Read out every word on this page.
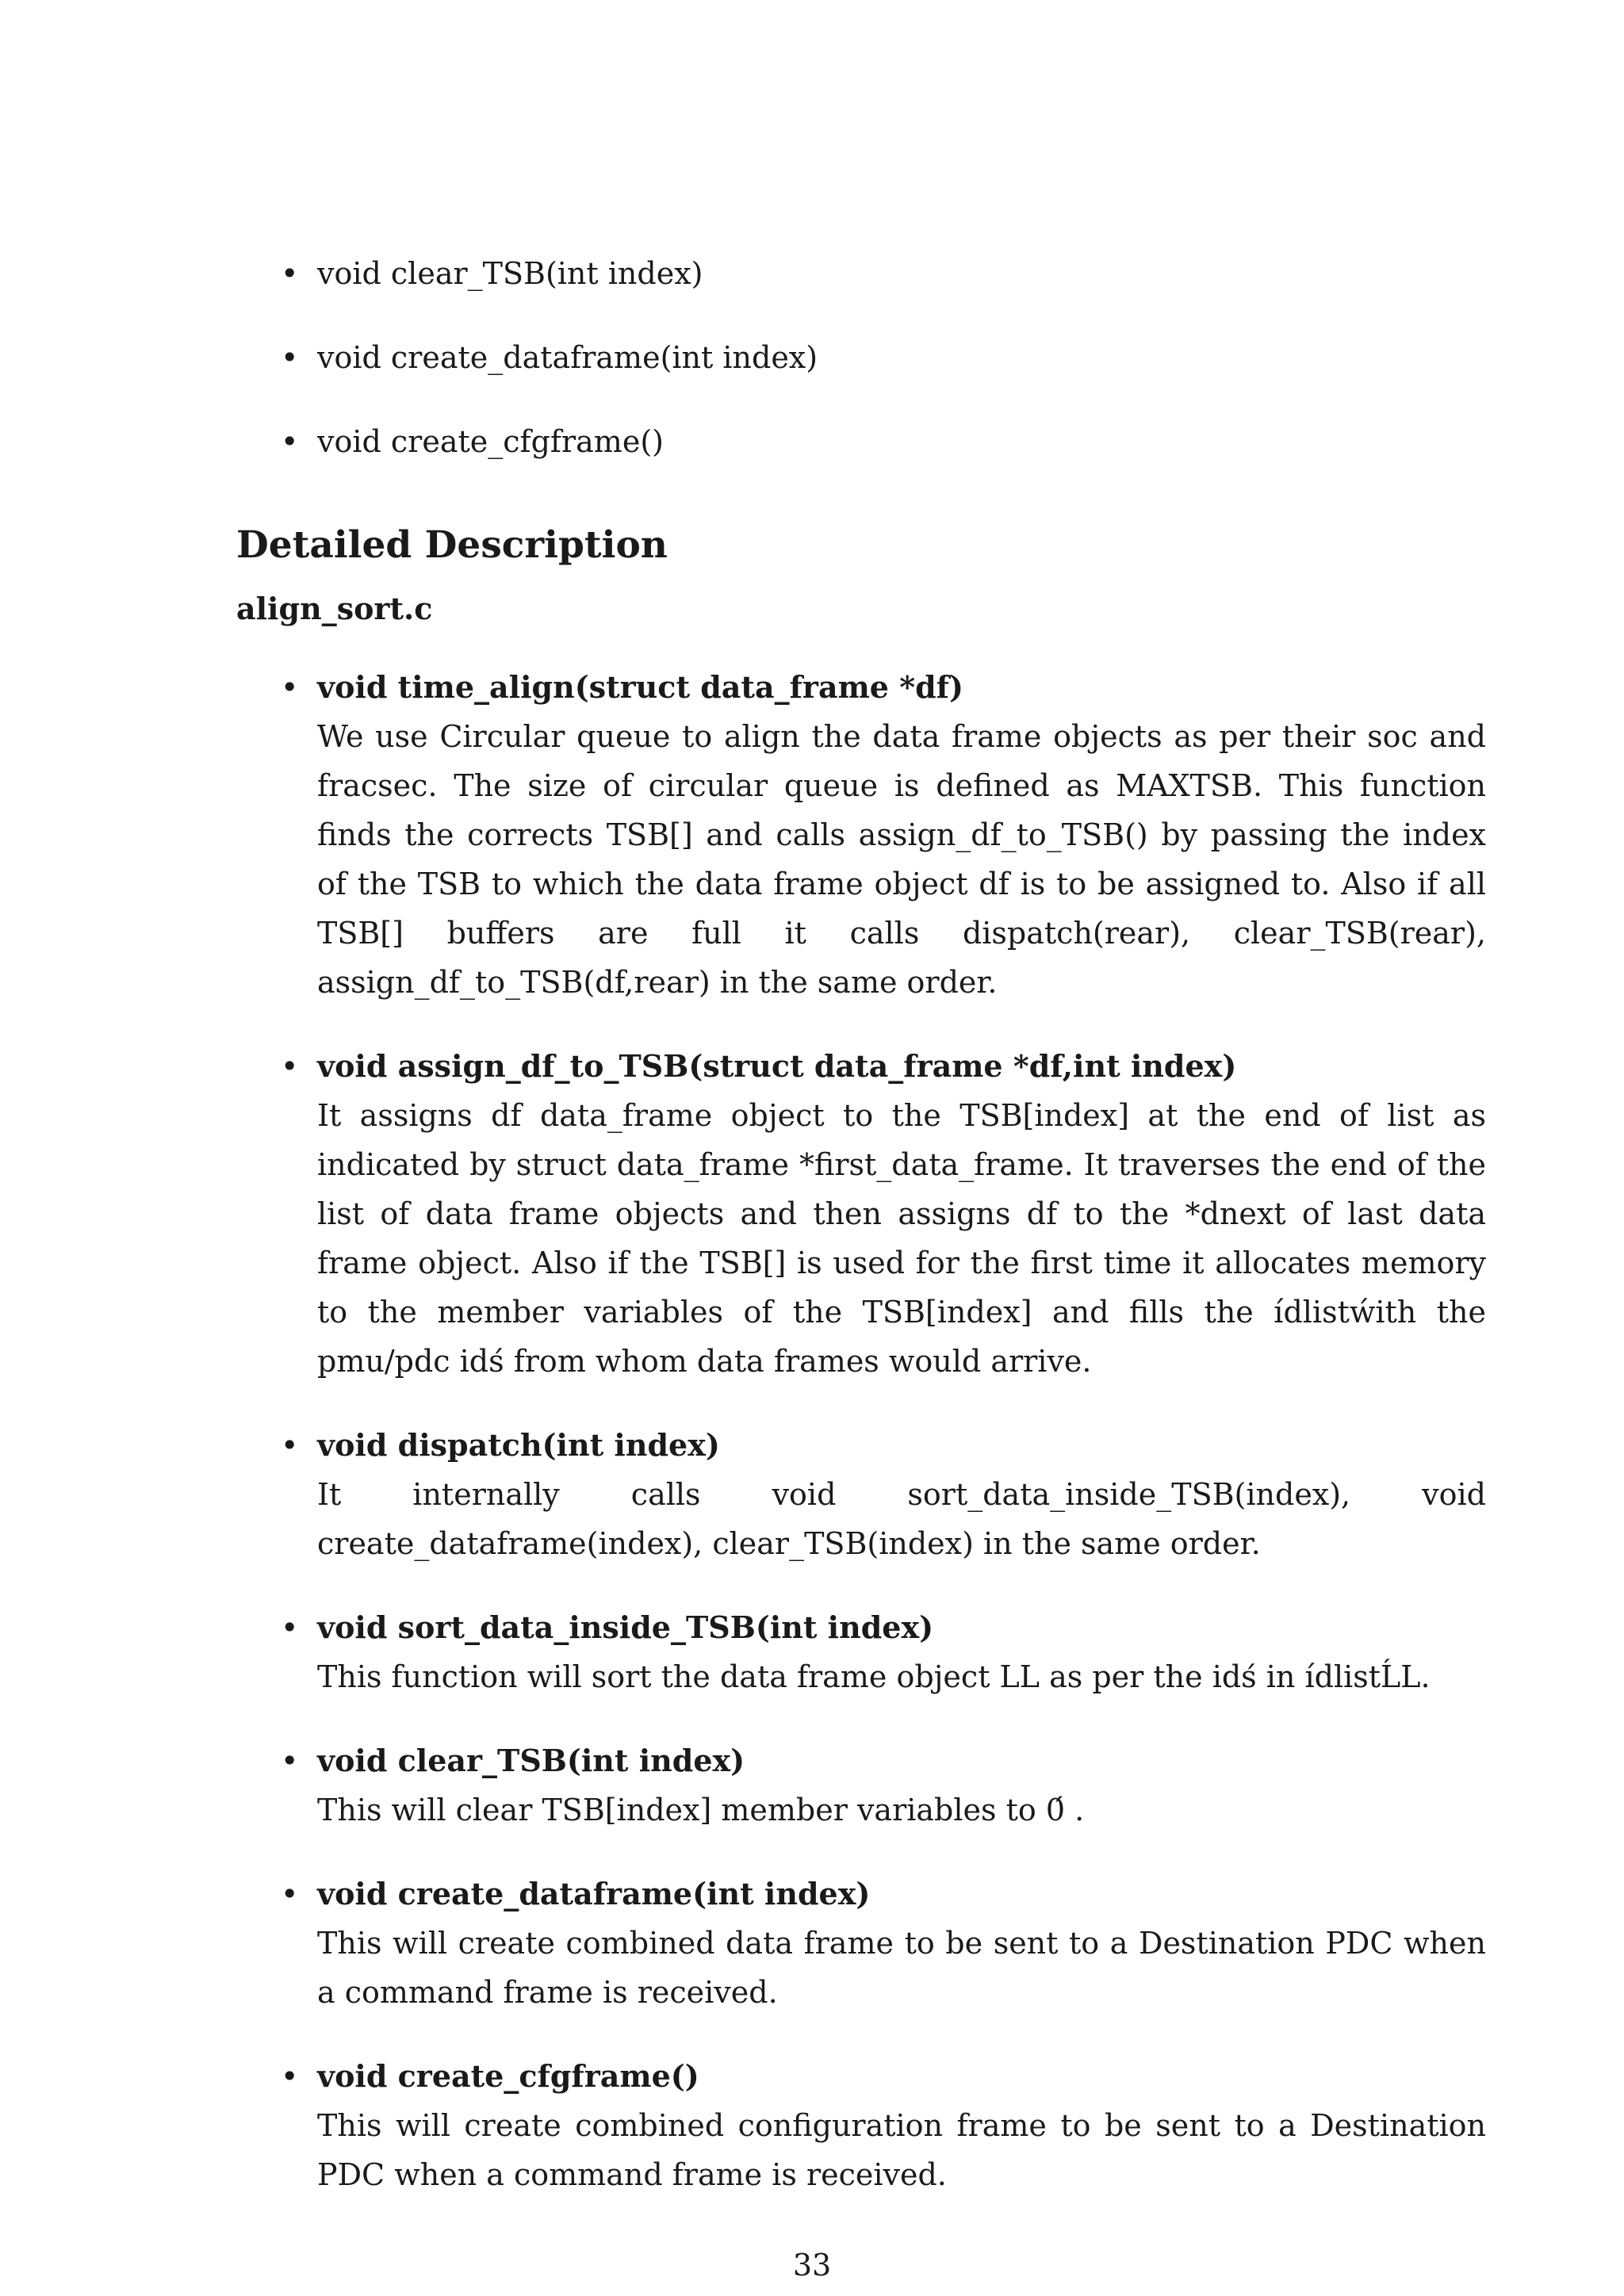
• void clear_TSB(int index)
• void create_dataframe(int index)
• void create_cfgframe()
Detailed Description
align_sort.c
• void time_align(struct data_frame *df)
We use Circular queue to align the data frame objects as per their soc and fracsec. The size of circular queue is defined as MAXTSB. This function finds the corrects TSB[] and calls assign_df_to_TSB() by passing the index of the TSB to which the data frame object df is to be assigned to. Also if all TSB[] buffers are full it calls dispatch(rear), clear_TSB(rear), assign_df_to_TSB(df,rear) in the same order.
• void assign_df_to_TSB(struct data_frame *df,int index)
It assigns df data_frame object to the TSB[index] at the end of list as indicated by struct data_frame *first_data_frame. It traverses the end of the list of data frame objects and then assigns df to the *dnext of last data frame object. Also if the TSB[] is used for the first time it allocates memory to the member variables of the TSB[index] and fills the ídlistẃith the pmu/pdc idś from whom data frames would arrive.
• void dispatch(int index)
It internally calls void sort_data_inside_TSB(index), void create_dataframe(index), clear_TSB(index) in the same order.
• void sort_data_inside_TSB(int index)
This function will sort the data frame object LL as per the idś in ídlistĹL.
• void clear_TSB(int index)
This will clear TSB[index] member variables to 0́ .
• void create_dataframe(int index)
This will create combined data frame to be sent to a Destination PDC when a command frame is received.
• void create_cfgframe()
This will create combined configuration frame to be sent to a Destination PDC when a command frame is received.
33
